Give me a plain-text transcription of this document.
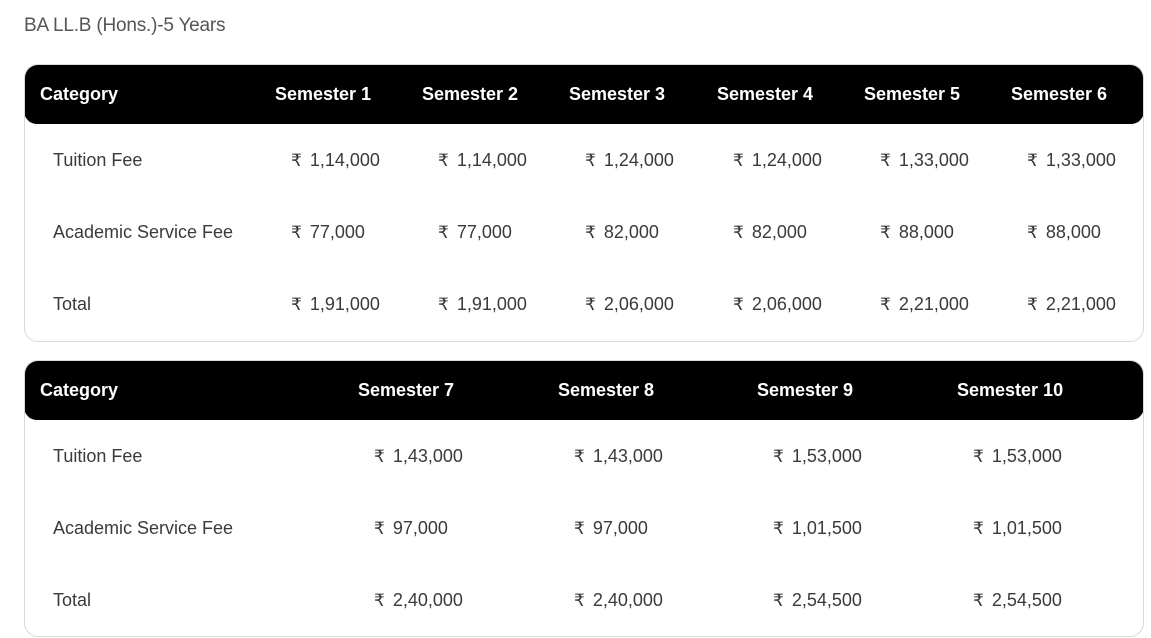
BA LL.B (Hons.)-5 Years
Category	Semester 1	Semester 2	Semester 3	Semester 4	Semester 5	Semester 6
Tuition Fee	₹ 1,14,000	₹ 1,14,000	₹ 1,24,000	₹ 1,24,000	₹ 1,33,000	₹ 1,33,000
Academic Service Fee	₹ 77,000	₹ 77,000	₹ 82,000	₹ 82,000	₹ 88,000	₹ 88,000
Total	₹ 1,91,000	₹ 1,91,000	₹ 2,06,000	₹ 2,06,000	₹ 2,21,000	₹ 2,21,000
Category	Semester 7	Semester 8	Semester 9	Semester 10
Tuition Fee	₹ 1,43,000	₹ 1,43,000	₹ 1,53,000	₹ 1,53,000
Academic Service Fee	₹ 97,000	₹ 97,000	₹ 1,01,500	₹ 1,01,500
Total	₹ 2,40,000	₹ 2,40,000	₹ 2,54,500	₹ 2,54,500
